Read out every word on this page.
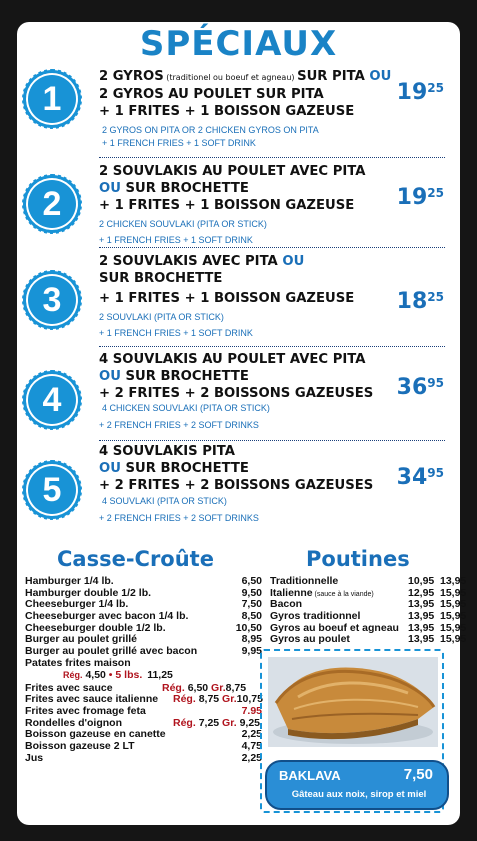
SPÉCIAUX
1
2 GYROS (traditionel ou boeuf et agneau) SUR PITA OU
2 GYROS AU POULET SUR PITA
+ 1 FRITES + 1 BOISSON GAZEUSE
2 GYROS ON PITA OR 2 CHICKEN GYROS ON PITA
+ 1 FRENCH FRIES + 1 SOFT DRINK
$19^{25}$
2
2 SOUVLAKIS AU POULET AVEC PITA
OU SUR BROCHETTE
+ 1 FRITES + 1 BOISSON GAZEUSE
2 CHICKEN SOUVLAKI (PITA OR STICK)
+ 1 FRENCH FRIES + 1 SOFT DRINK
$19^{25}$
3
2 SOUVLAKIS AVEC PITA OU
SUR BROCHETTE
+ 1 FRITES + 1 BOISSON GAZEUSE
2 SOUVLAKI (PITA OR STICK)
+ 1 FRENCH FRIES + 1 SOFT DRINK
$18^{25}$
4
4 SOUVLAKIS AU POULET AVEC PITA
OU SUR BROCHETTE
+ 2 FRITES + 2 BOISSONS GAZEUSES
4 CHICKEN SOUVLAKI (PITA OR STICK)
+ 2 FRENCH FRIES + 2 SOFT DRINKS
$36^{95}$
5
4 SOUVLAKIS PITA
OU SUR BROCHETTE
+ 2 FRITES + 2 BOISSONS GAZEUSES
4 SOUVLAKI (PITA OR STICK)
+ 2 FRENCH FRIES + 2 SOFT DRINKS
$34^{95}$
Casse-Croûte
Hamburger 1/4 lb.	6,50
Hamburger double 1/2 lb.	9,50
Cheeseburger 1/4 lb.	7,50
Cheeseburger avec bacon 1/4 lb.	8,50
Cheeseburger double 1/2 lb.	10,50
Burger au poulet grillé	8,95
Burger au poulet grillé avec bacon	9,95
Patates frites maison
Rég. 4,50 • 5 lbs. 11,25
Frites avec sauce	Rég. 6,50 Gr.8,75
Frites avec sauce italienne Rég. 8,75 Gr.10,75
Frites avec fromage feta	7.95
Rondelles d'oignon	Rég. 7,25 Gr. 9,25
Boisson gazeuse en canette	2,25
Boisson gazeuse 2 LT	4,75
Jus	2,25
Poutines
Traditionnelle	10,95 13,95
Italienne (sauce à la viande)	12,95 15,95
Bacon	13,95 15,95
Gyros traditionnel	13,95 15,95
Gyros au boeuf et agneau 13,95 15,95
Gyros au poulet	13,95 15,95
BAKLAVA	7,50
Gâteau aux noix, sirop et miel
